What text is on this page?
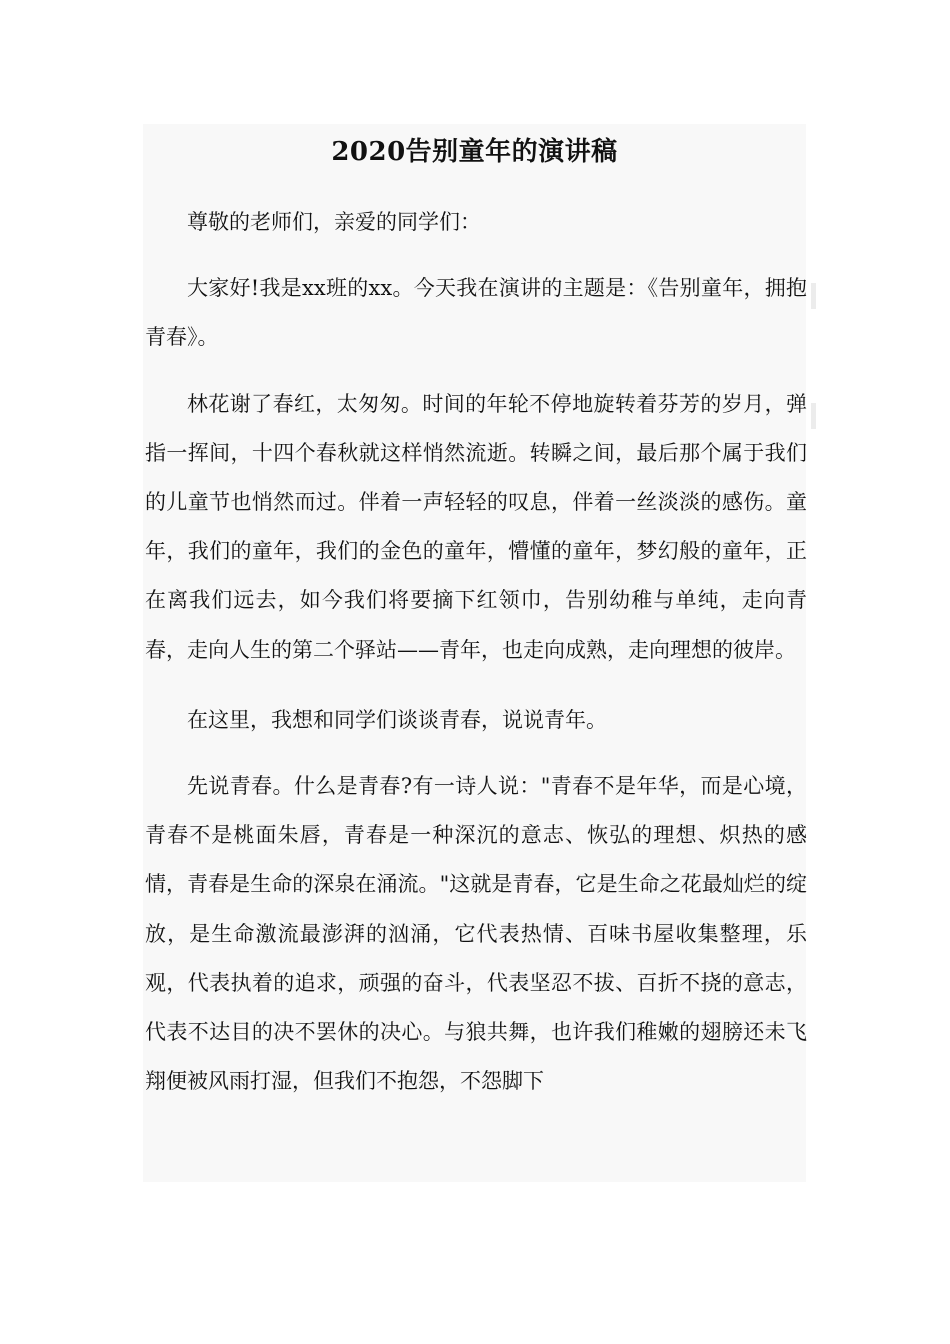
2020告别童年的演讲稿

尊敬的老师们，亲爱的同学们：

大家好!我是xx班的xx。今天我在演讲的主题是：《告别童年，拥抱青春》。

林花谢了春红，太匆匆。时间的年轮不停地旋转着芬芳的岁月，弹指一挥间，十四个春秋就这样悄然流逝。转瞬之间，最后那个属于我们的儿童节也悄然而过。伴着一声轻轻的叹息，伴着一丝淡淡的感伤。童年，我们的童年，我们的金色的童年，懵懂的童年，梦幻般的童年，正在离我们远去，如今我们将要摘下红领巾，告别幼稚与单纯，走向青春，走向人生的第二个驿站——青年，也走向成熟，走向理想的彼岸。

在这里，我想和同学们谈谈青春，说说青年。

先说青春。什么是青春?有一诗人说："青春不是年华，而是心境，青春不是桃面朱唇，青春是一种深沉的意志、恢弘的理想、炽热的感情，青春是生命的深泉在涌流。"这就是青春，它是生命之花最灿烂的绽放，是生命激流最澎湃的汹涌，它代表热情、百味书屋收集整理，乐观，代表执着的追求，顽强的奋斗，代表坚忍不拔、百折不挠的意志，代表不达目的决不罢休的决心。与狼共舞，也许我们稚嫩的翅膀还未飞翔便被风雨打湿，但我们不抱怨，不怨脚下
